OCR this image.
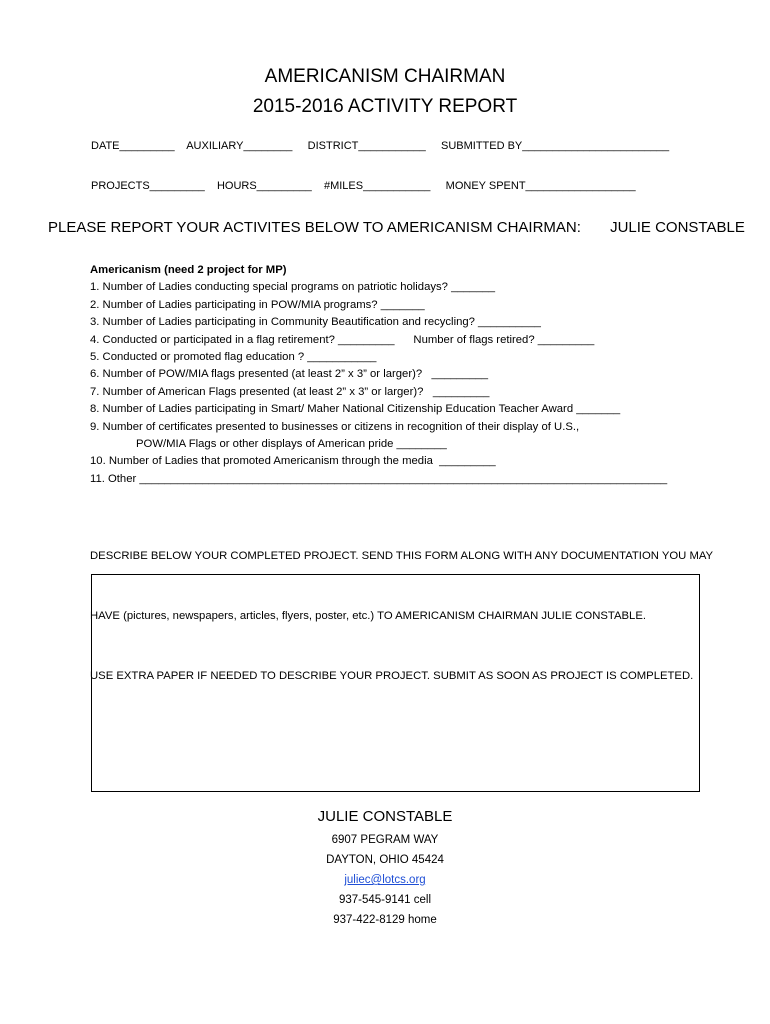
AMERICANISM CHAIRMAN
2015-2016 ACTIVITY REPORT
DATE_________    AUXILIARY________     DISTRICT___________     SUBMITTED BY________________________
PROJECTS_________    HOURS_________    #MILES___________     MONEY SPENT__________________
PLEASE REPORT YOUR ACTIVITES BELOW TO AMERICANISM CHAIRMAN:       JULIE CONSTABLE
Americanism (need 2 project for MP)
1. Number of Ladies conducting special programs on patriotic holidays? _______
2. Number of Ladies participating in POW/MIA programs? _______
3. Number of Ladies participating in Community Beautification and recycling? __________
4. Conducted or participated in a flag retirement? _________      Number of flags retired? _________
5. Conducted or promoted flag education ? ___________
6. Number of POW/MIA flags presented (at least 2” x 3” or larger)?   _________
7. Number of American Flags presented (at least 2” x 3” or larger)?   _________
8. Number of Ladies participating in Smart/ Maher National Citizenship Education Teacher Award _______
9. Number of certificates presented to businesses or citizens in recognition of their display of U.S.,
POW/MIA Flags or other displays of American pride ________
10. Number of Ladies that promoted Americanism through the media  _________
11. Other ____________________________________________________________________________________

DESCRIBE BELOW YOUR COMPLETED PROJECT. SEND THIS FORM ALONG WITH ANY DOCUMENTATION YOU MAY

HAVE (pictures, newspapers, articles, flyers, poster, etc.) TO AMERICANISM CHAIRMAN JULIE CONSTABLE.

USE EXTRA PAPER IF NEEDED TO DESCRIBE YOUR PROJECT. SUBMIT AS SOON AS PROJECT IS COMPLETED.

JULIE CONSTABLE
6907 PEGRAM WAY
DAYTON, OHIO 45424
juliec@lotcs.org
937-545-9141 cell
937-422-8129 home
